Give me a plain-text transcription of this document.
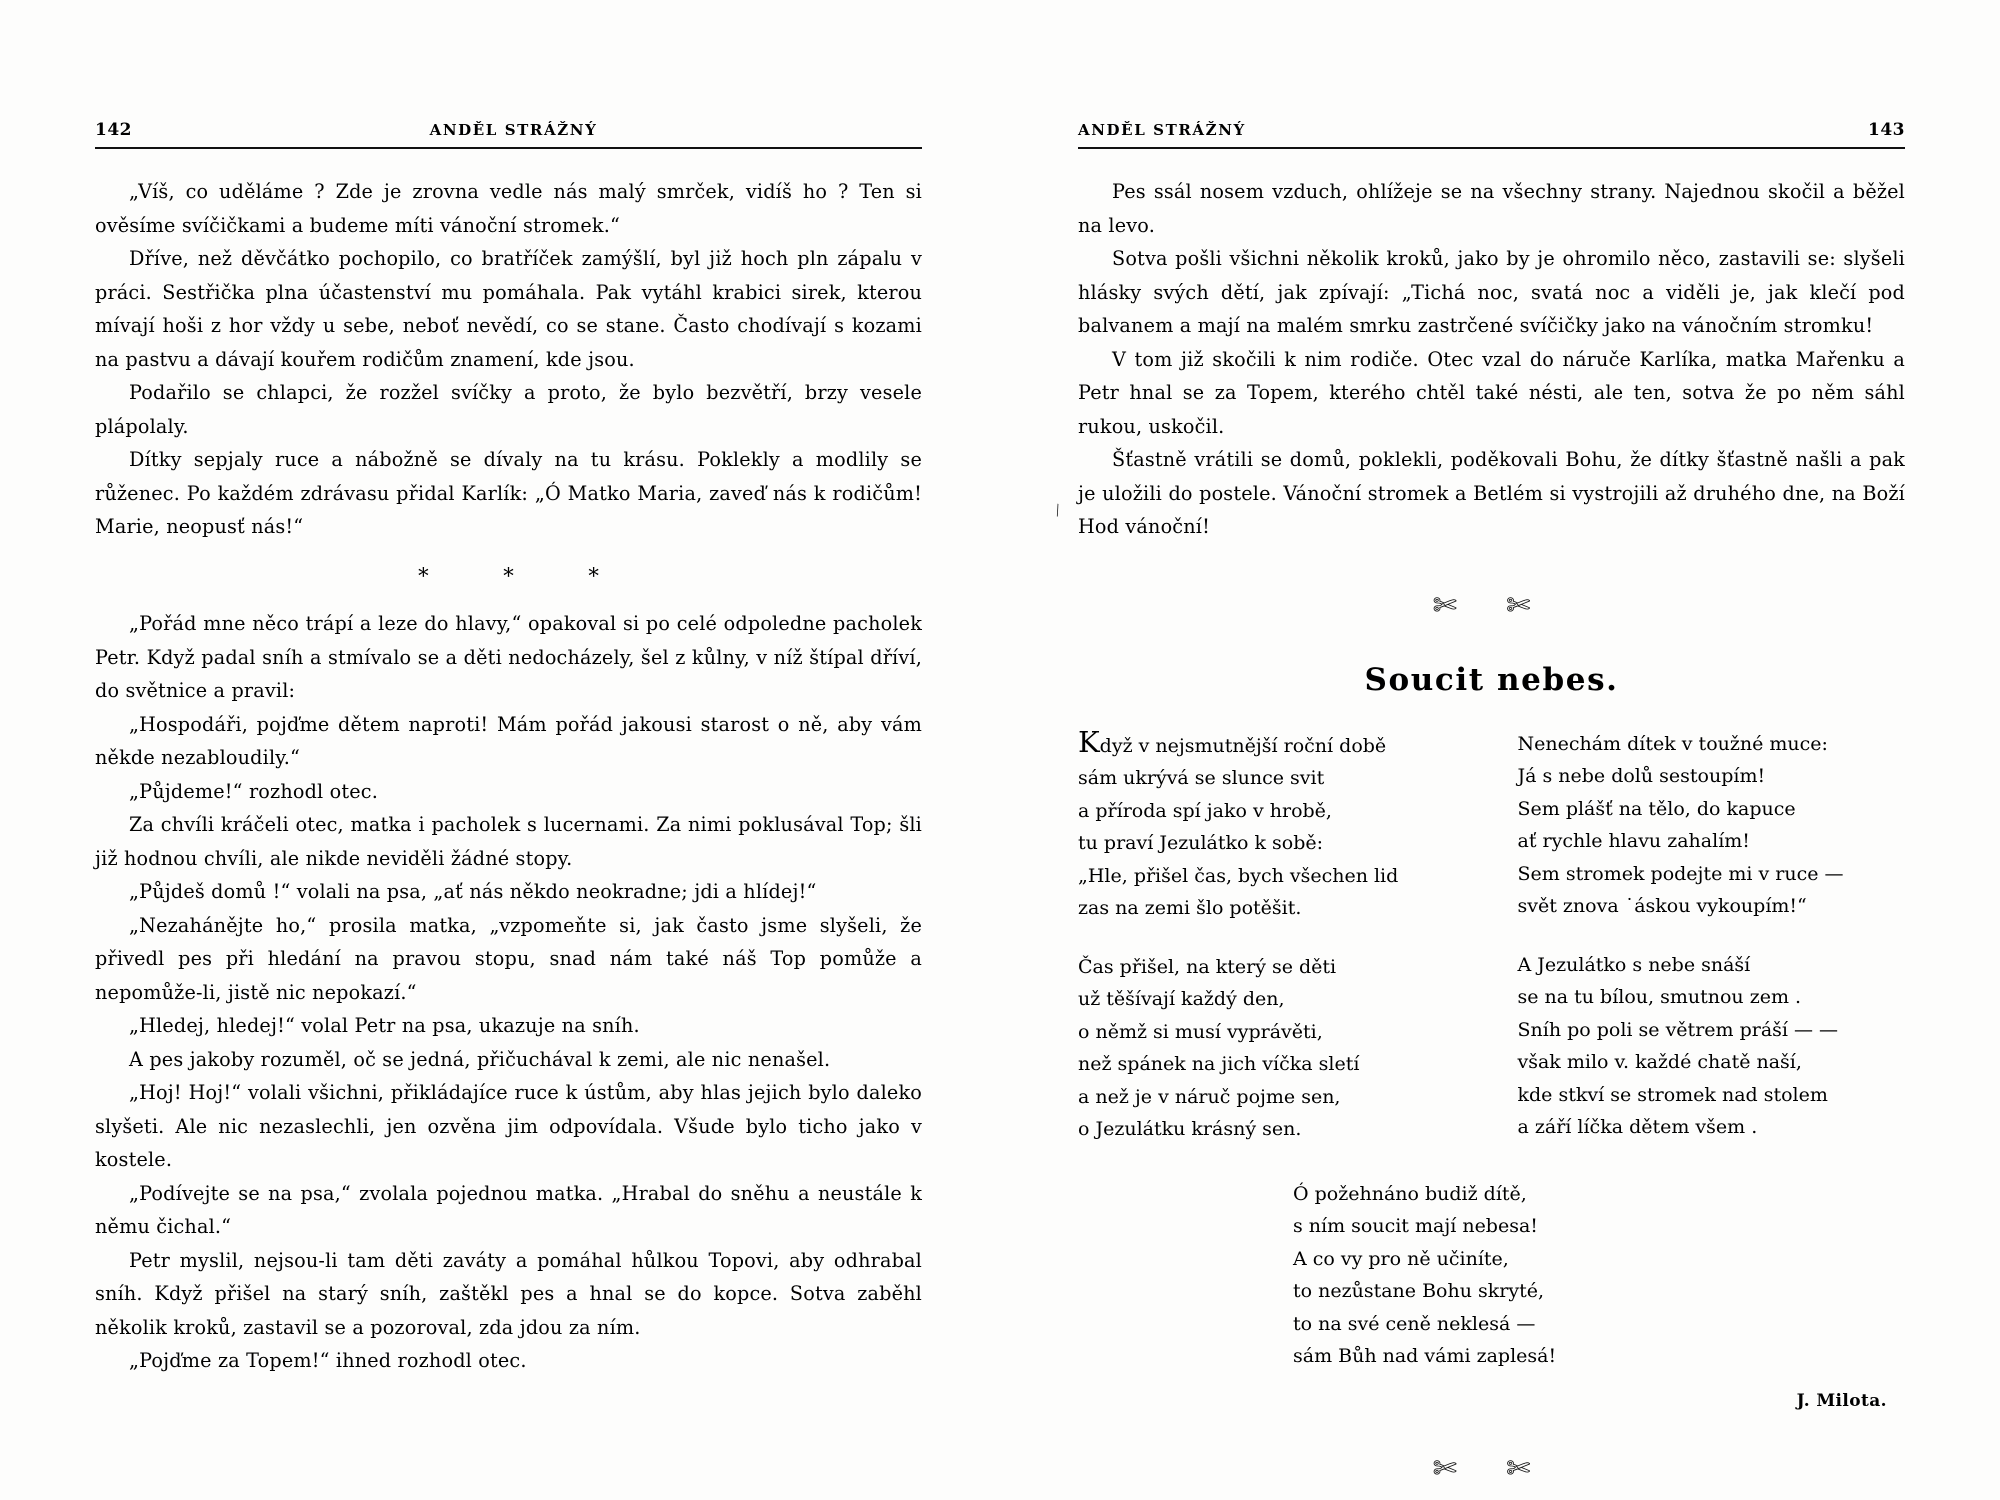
142	ANDĚL STRÁŽNÝ

„Víš, co uděláme ? Zde je zrovna vedle nás malý smrček, vidíš ho ? Ten si ověsíme svíčičkami a budeme míti vánoční stromek.“

Dříve, než děvčátko pochopilo, co bratříček zamýšlí, byl již hoch pln zápalu v práci. Sestřička plna účastenství mu pomáhala. Pak vytáhl krabici sirek, kterou mívají hoši z hor vždy u sebe, neboť nevědí, co se stane. Často chodívají s kozami na pastvu a dávají kouřem rodičům znamení, kde jsou.

Podařilo se chlapci, že rozžel svíčky a proto, že bylo bezvětří, brzy vesele plápolaly.

Dítky sepjaly ruce a nábožně se dívaly na tu krásu. Poklekly a modlily se růženec. Po každém zdrávasu přidal Karlík: „Ó Matko Maria, zaveď nás k rodičům! Marie, neopusť nás!“

* * *

„Pořád mne něco trápí a leze do hlavy,“ opakoval si po celé odpoledne pacholek Petr. Když padal sníh a stmívalo se a děti nedocházely, šel z kůlny, v níž štípal dříví, do světnice a pravil:

„Hospodáři, pojďme dětem naproti! Mám pořád jakousi starost o ně, aby vám někde nezabloudily.“

„Půjdeme!“ rozhodl otec.

Za chvíli kráčeli otec, matka i pacholek s lucernami. Za nimi poklusával Top; šli již hodnou chvíli, ale nikde neviděli žádné stopy.

„Půjdeš domů !“ volali na psa, „ať nás někdo neokradne; jdi a hlídej!“

„Nezahánějte ho,“ prosila matka, „vzpomeňte si, jak často jsme slyšeli, že přivedl pes při hledání na pravou stopu, snad nám také náš Top pomůže a nepomůže-li, jistě nic nepokazí.“

„Hledej, hledej!“ volal Petr na psa, ukazuje na sníh.

A pes jakoby rozuměl, oč se jedná, přičuchával k zemi, ale nic nenašel.

„Hoj! Hoj!“ volali všichni, přikládajíce ruce k ústům, aby hlas jejich bylo daleko slyšeti. Ale nic nezaslechli, jen ozvěna jim odpovídala. Všude bylo ticho jako v kostele.

„Podívejte se na psa,“ zvolala pojednou matka. „Hrabal do sněhu a neustále k němu čichal.“

Petr myslil, nejsou-li tam děti zaváty a pomáhal hůlkou Topovi, aby odhrabal sníh. Když přišel na starý sníh, zaštěkl pes a hnal se do kopce. Sotva zaběhl několik kroků, zastavil se a pozoroval, zda jdou za ním.

„Pojďme za Topem!“ ihned rozhodl otec.

ANDĚL STRÁŽNÝ	143

Pes ssál nosem vzduch, ohlížeje se na všechny strany. Najednou skočil a běžel na levo.

Sotva pošli všichni několik kroků, jako by je ohromilo něco, zastavili se: slyšeli hlásky svých dětí, jak zpívají: „Tichá noc, svatá noc a viděli je, jak klečí pod balvanem a mají na malém smrku zastrčené svíčičky jako na vánočním stromku!

V tom již skočili k nim rodiče. Otec vzal do náruče Karlíka, matka Mařenku a Petr hnal se za Topem, kterého chtěl také nésti, ale ten, sotva že po něm sáhl rukou, uskočil.

Šťastně vrátili se domů, poklekli, poděkovali Bohu, že dítky šťastně našli a pak je uložili do postele. Vánoční stromek a Betlém si vystrojili až druhého dne, na Boží Hod vánoční!

✄ ✄
Soucit nebes.
Když v nejsmutnější roční době
sám ukrývá se slunce svit
a příroda spí jako v hrobě,
tu praví Jezulátko k sobě:
„Hle, přišel čas, bych všechen lid
zas na zemi šlo potěšit.
Čas přišel, na který se děti
už těšívají každý den,
o němž si musí vyprávěti,
než spánek na jich víčka sletí
a než je v náruč pojme sen,
o Jezulátku krásný sen.
Nenechám dítek v toužné muce:
Já s nebe dolů sestoupím!
Sem plášť na tělo, do kapuce
ať rychle hlavu zahalím!
Sem stromek podejte mi v ruce —
svět znova ˙áskou vykoupím!“
A Jezulátko s nebe snáší
se na tu bílou, smutnou zem .
Sníh po poli se větrem práší — —
však milo v. každé chatě naší,
kde stkví se stromek nad stolem
a září líčka dětem všem .
Ó požehnáno budiž dítě,
s ním soucit mají nebesa!
A co vy pro ně učiníte,
to nezůstane Bohu skryté,
to na své ceně neklesá —
sám Bůh nad vámi zaplesá!
J. Milota.
✄ ✄
\
